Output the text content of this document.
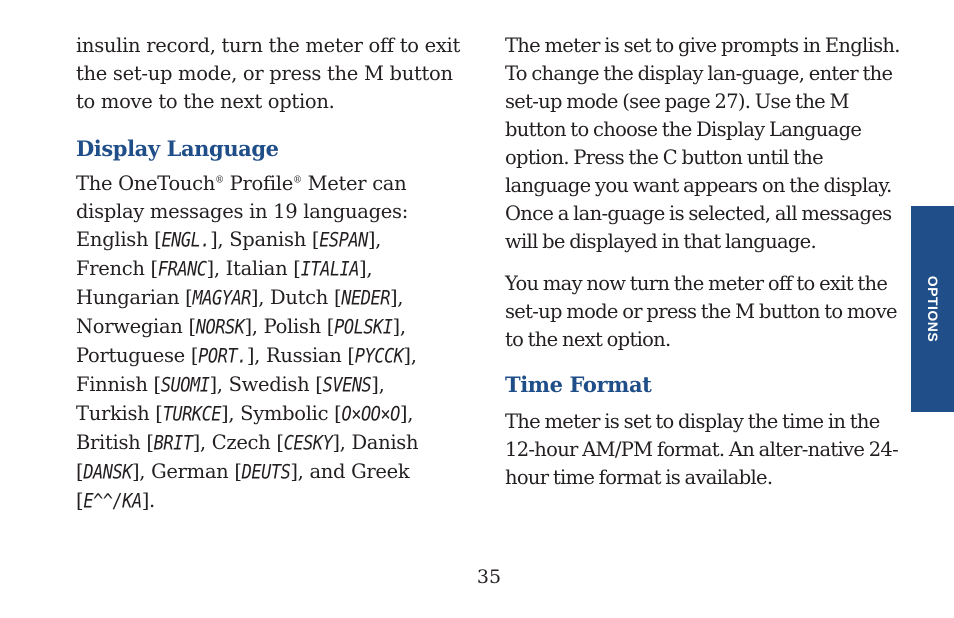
insulin record, turn the meter off to exit the set-up mode, or press the M button to move to the next option.

Display Language

The OneTouch® Profile® Meter can display messages in 19 languages:
English [ENGL.], Spanish [ESPAN],
French [FRANC], Italian [ITALIA],
Hungarian [MAGYAR], Dutch [NEDER],
Norwegian [NORSK], Polish [POLSKI],
Portuguese [PORT.], Russian [PYCCK],
Finnish [SUOMI], Swedish [SVENS],
Turkish [TURKCE], Symbolic [O×OO×O],
British [BRIT], Czech [CESKY], Danish
[DANSK], German [DEUTS], and Greek
[E^^/KA].

The meter is set to give prompts in English. To change the display lan-guage, enter the set-up mode (see page 27). Use the M button to choose the Display Language option. Press the C button until the language you want appears on the display. Once a lan-guage is selected, all messages will be displayed in that language.

You may now turn the meter off to exit the set-up mode or press the M button to move to the next option.

Time Format

The meter is set to display the time in the 12-hour AM/PM format. An alter-native 24-hour time format is available.

OPTIONS
35
